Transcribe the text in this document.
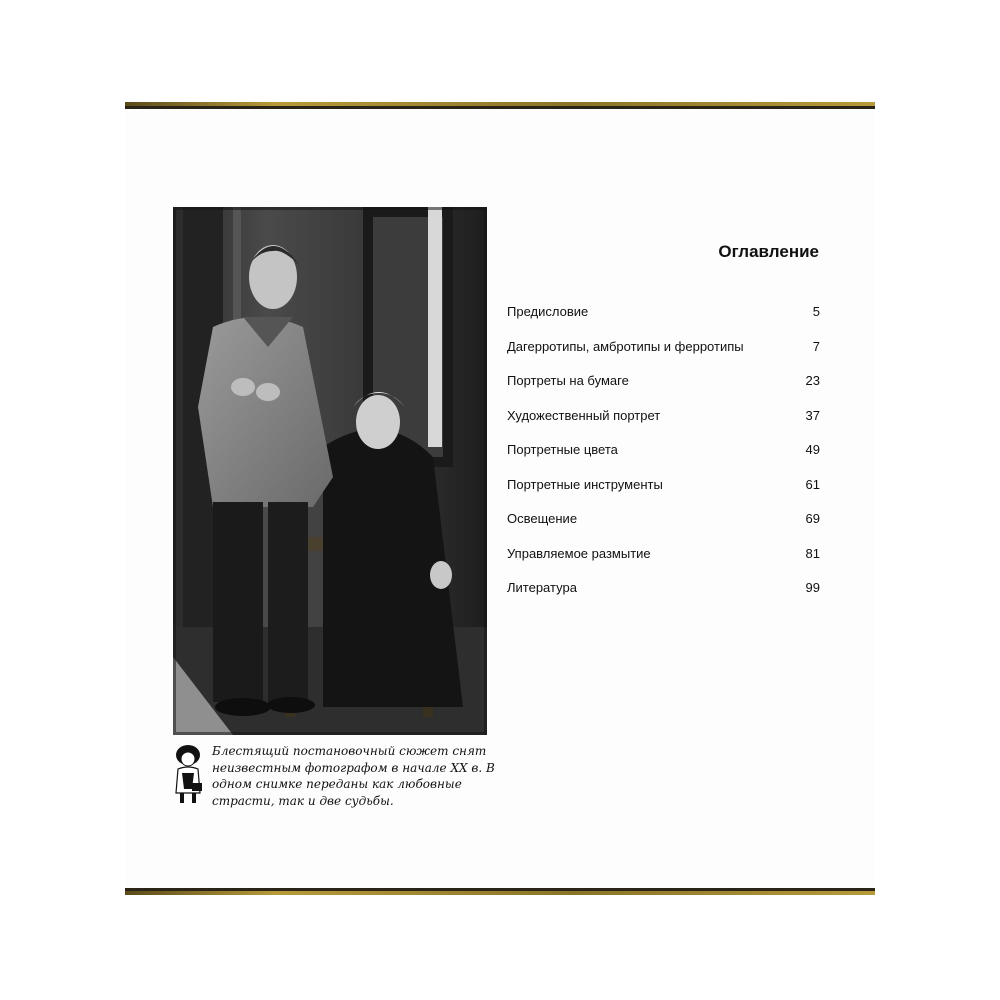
Блестящий постановочный сюжет снят неизвестным фотографом в начале XX в. В одном снимке переданы как любовные страсти, так и две судьбы.
Оглавление
Предисловие	5
Дагерротипы, амбротипы и ферротипы	7
Портреты на бумаге	23
Художественный портрет	37
Портретные цвета	49
Портретные инструменты	61
Освещение	69
Управляемое размытие	81
Литература	99
